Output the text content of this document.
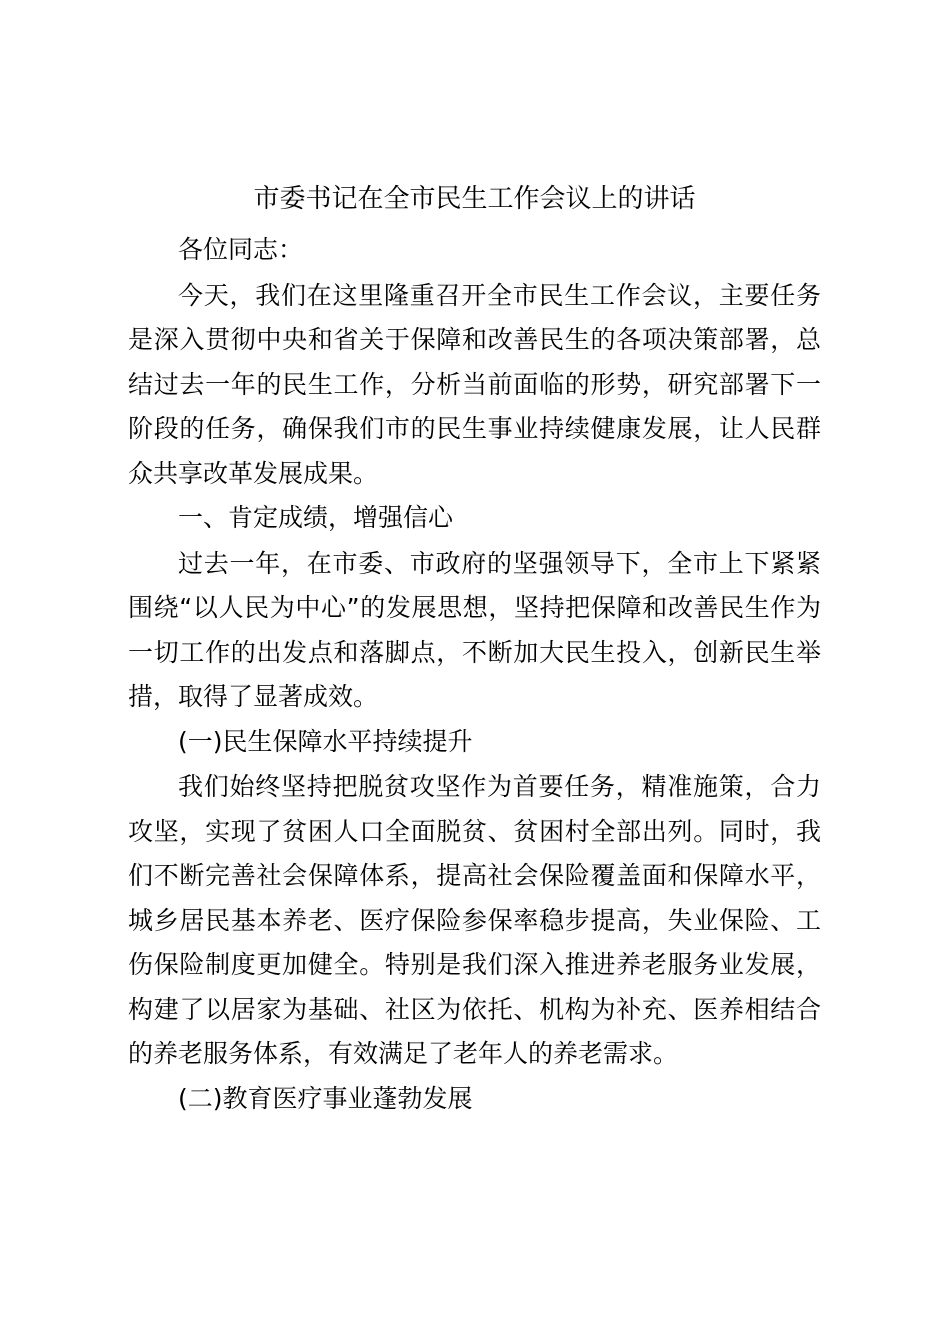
市委书记在全市民生工作会议上的讲话

各位同志：

今天，我们在这里隆重召开全市民生工作会议，主要任务是深入贯彻中央和省关于保障和改善民生的各项决策部署，总结过去一年的民生工作，分析当前面临的形势，研究部署下一阶段的任务，确保我们市的民生事业持续健康发展，让人民群众共享改革发展成果。

一、肯定成绩，增强信心

过去一年，在市委、市政府的坚强领导下，全市上下紧紧围绕“以人民为中心”的发展思想，坚持把保障和改善民生作为一切工作的出发点和落脚点，不断加大民生投入，创新民生举措，取得了显著成效。

(一)民生保障水平持续提升

我们始终坚持把脱贫攻坚作为首要任务，精准施策，合力攻坚，实现了贫困人口全面脱贫、贫困村全部出列。同时，我们不断完善社会保障体系，提高社会保险覆盖面和保障水平，城乡居民基本养老、医疗保险参保率稳步提高，失业保险、工伤保险制度更加健全。特别是我们深入推进养老服务业发展，构建了以居家为基础、社区为依托、机构为补充、医养相结合的养老服务体系，有效满足了老年人的养老需求。

(二)教育医疗事业蓬勃发展
